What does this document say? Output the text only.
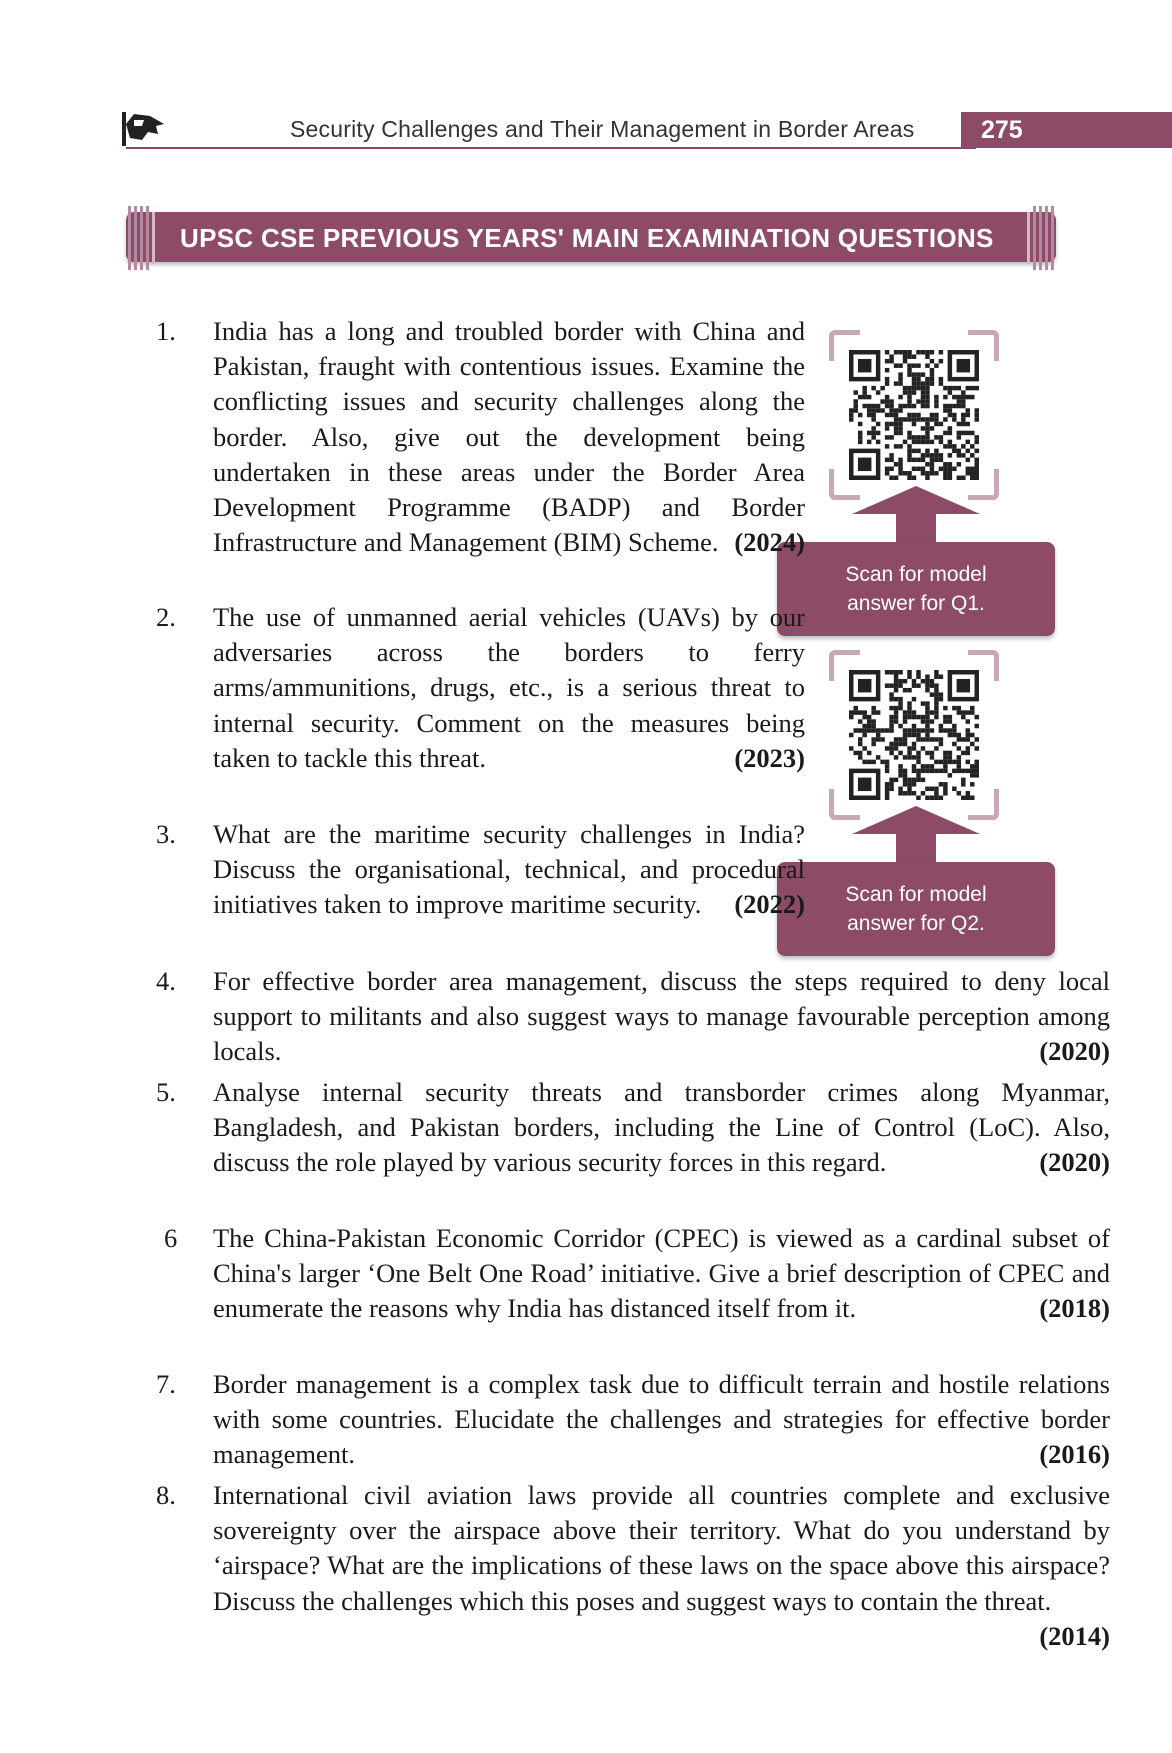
Security Challenges and Their Management in Border Areas	275
UPSC CSE PREVIOUS YEARS' MAIN EXAMINATION QUESTIONS
Scan for model answer for Q1.
Scan for model answer for Q2.
1.	India has a long and troubled border with China and Pakistan, fraught with contentious issues. Examine the conflicting issues and security challenges along the border. Also, give out the development being undertaken in these areas under the Border Area Development Programme (BADP) and Border Infrastructure and Management (BIM) Scheme. (2024)
2.	The use of unmanned aerial vehicles (UAVs) by our adversaries across the borders to ferry arms/ammunitions, drugs, etc., is a serious threat to internal security. Comment on the measures being taken to tackle this threat.	(2023)
3.	What are the maritime security challenges in India? Discuss the organisational, technical, and procedural initiatives taken to improve maritime security. (2022)
4.	For effective border area management, discuss the steps required to deny local support to militants and also suggest ways to manage favourable perception among locals.	(2020)
5.	Analyse internal security threats and transborder crimes along Myanmar, Bangladesh, and Pakistan borders, including the Line of Control (LoC). Also, discuss the role played by various security forces in this regard.	(2020)
6	The China-Pakistan Economic Corridor (CPEC) is viewed as a cardinal subset of China's larger ‘One Belt One Road’ initiative. Give a brief description of CPEC and enumerate the reasons why India has distanced itself from it.	(2018)
7.	Border management is a complex task due to difficult terrain and hostile relations with some countries. Elucidate the challenges and strategies for effective border management.	(2016)
8.	International civil aviation laws provide all countries complete and exclusive sovereignty over the airspace above their territory. What do you understand by ‘airspace? What are the implications of these laws on the space above this airspace? Discuss the challenges which this poses and suggest ways to contain the threat.
(2014)
